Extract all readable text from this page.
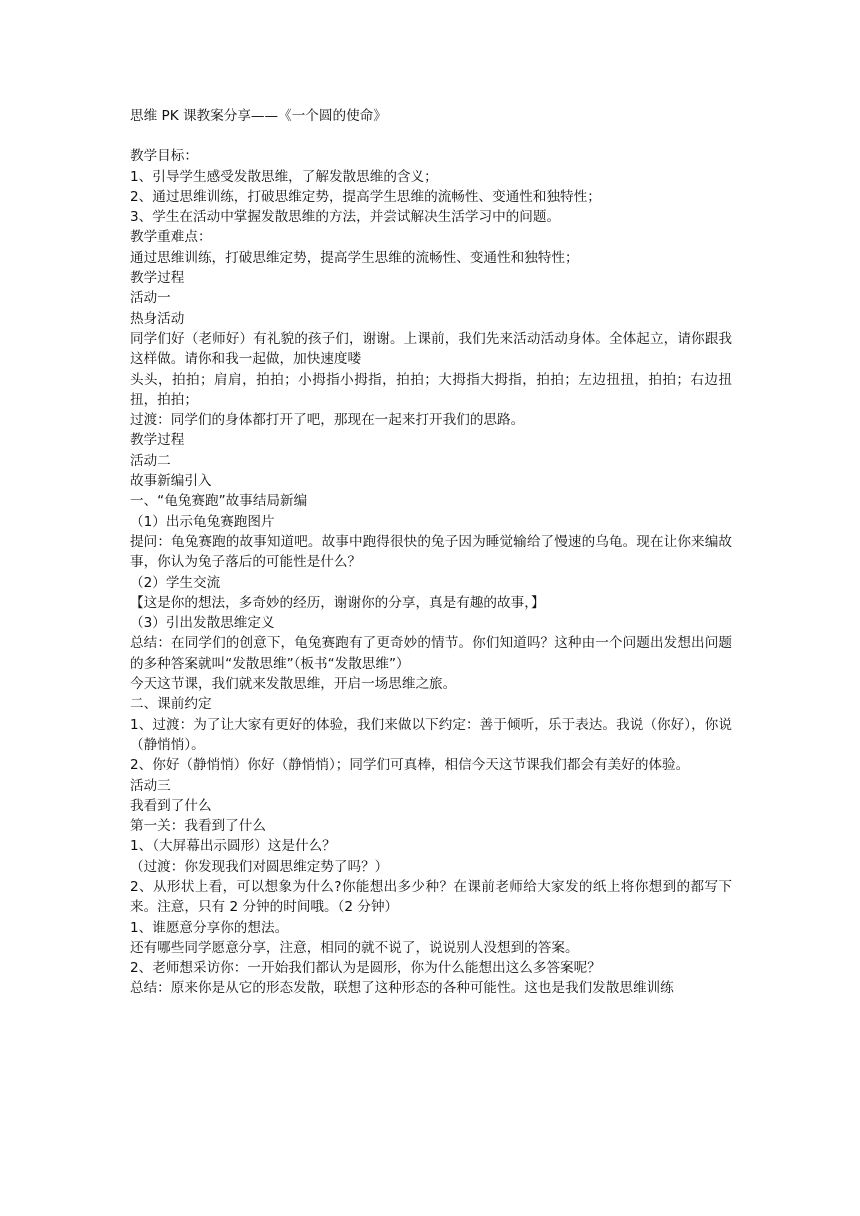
思维 PK 课教案分享——《一个圆的使命》
教学目标：
1、引导学生感受发散思维，了解发散思维的含义；
2、通过思维训练，打破思维定势，提高学生思维的流畅性、变通性和独特性；
3、学生在活动中掌握发散思维的方法，并尝试解决生活学习中的问题。
教学重难点：
通过思维训练，打破思维定势，提高学生思维的流畅性、变通性和独特性；
教学过程
活动一
热身活动
同学们好（老师好）有礼貌的孩子们，谢谢。上课前，我们先来活动活动身体。全体起立，请你跟我这样做。请你和我一起做，加快速度喽
头头，拍拍；肩肩，拍拍；小拇指小拇指，拍拍；大拇指大拇指，拍拍；左边扭扭，拍拍；右边扭扭，拍拍；
过渡：同学们的身体都打开了吧，那现在一起来打开我们的思路。
教学过程
活动二
故事新编引入
一、“龟兔赛跑”故事结局新编
（1）出示龟兔赛跑图片
提问：龟兔赛跑的故事知道吧。故事中跑得很快的兔子因为睡觉输给了慢速的乌龟。现在让你来编故事，你认为兔子落后的可能性是什么？
（2）学生交流
【这是你的想法，多奇妙的经历，谢谢你的分享，真是有趣的故事，】
（3）引出发散思维定义
总结：在同学们的创意下，龟兔赛跑有了更奇妙的情节。你们知道吗？这种由一个问题出发想出问题的多种答案就叫“发散思维”（板书“发散思维”）
今天这节课，我们就来发散思维，开启一场思维之旅。
二、课前约定
1、过渡：为了让大家有更好的体验，我们来做以下约定：善于倾听，乐于表达。我说（你好），你说（静悄悄）。
2、你好（静悄悄）你好（静悄悄）；同学们可真棒，相信今天这节课我们都会有美好的体验。
活动三
我看到了什么
第一关：我看到了什么
1、（大屏幕出示圆形）这是什么？
（过渡：你发现我们对圆思维定势了吗？）
2、从形状上看，可以想象为什么?你能想出多少种？在课前老师给大家发的纸上将你想到的都写下来。注意，只有 2 分钟的时间哦。（2 分钟）
1、谁愿意分享你的想法。
还有哪些同学愿意分享，注意，相同的就不说了，说说别人没想到的答案。
2、老师想采访你：一开始我们都认为是圆形，你为什么能想出这么多答案呢？
总结：原来你是从它的形态发散，联想了这种形态的各种可能性。这也是我们发散思维训练
